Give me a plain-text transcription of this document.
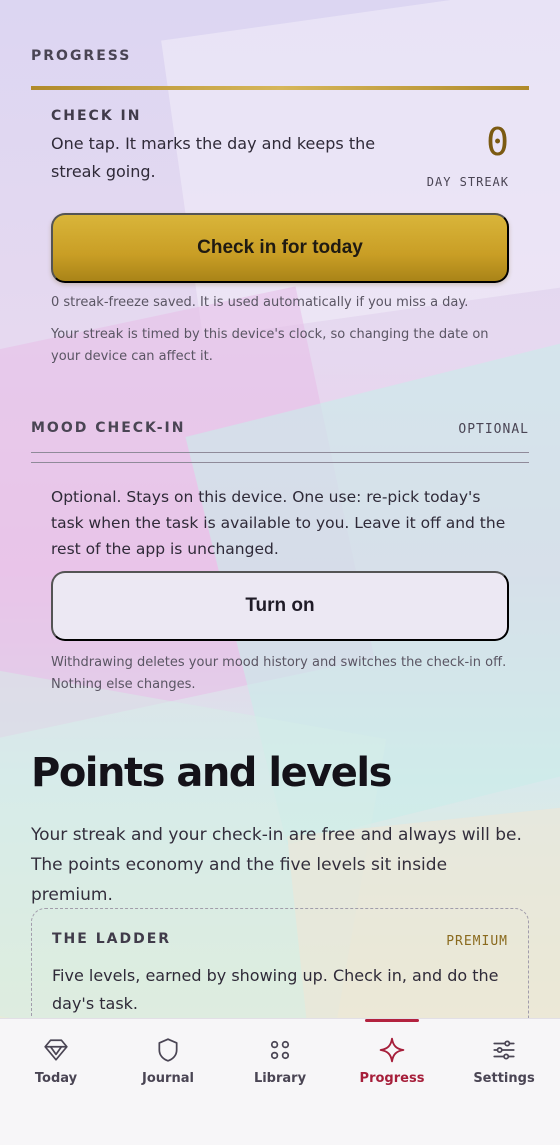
PROGRESS
CHECK IN
One tap. It marks the day and keeps the streak going.
0
DAY STREAK
Check in for today
0 streak-freeze saved. It is used automatically if you miss a day.
Your streak is timed by this device's clock, so changing the date on your device can affect it.
MOOD CHECK-IN	OPTIONAL
Optional. Stays on this device. One use: re-pick today's task when the task is available to you. Leave it off and the rest of the app is unchanged.
Turn on
Withdrawing deletes your mood history and switches the check-in off. Nothing else changes.
Points and levels
Your streak and your check-in are free and always will be. The points economy and the five levels sit inside premium.
THE LADDER	PREMIUM
Five levels, earned by showing up. Check in, and do the day's task.
Today	Journal	Library	Progress	Settings
